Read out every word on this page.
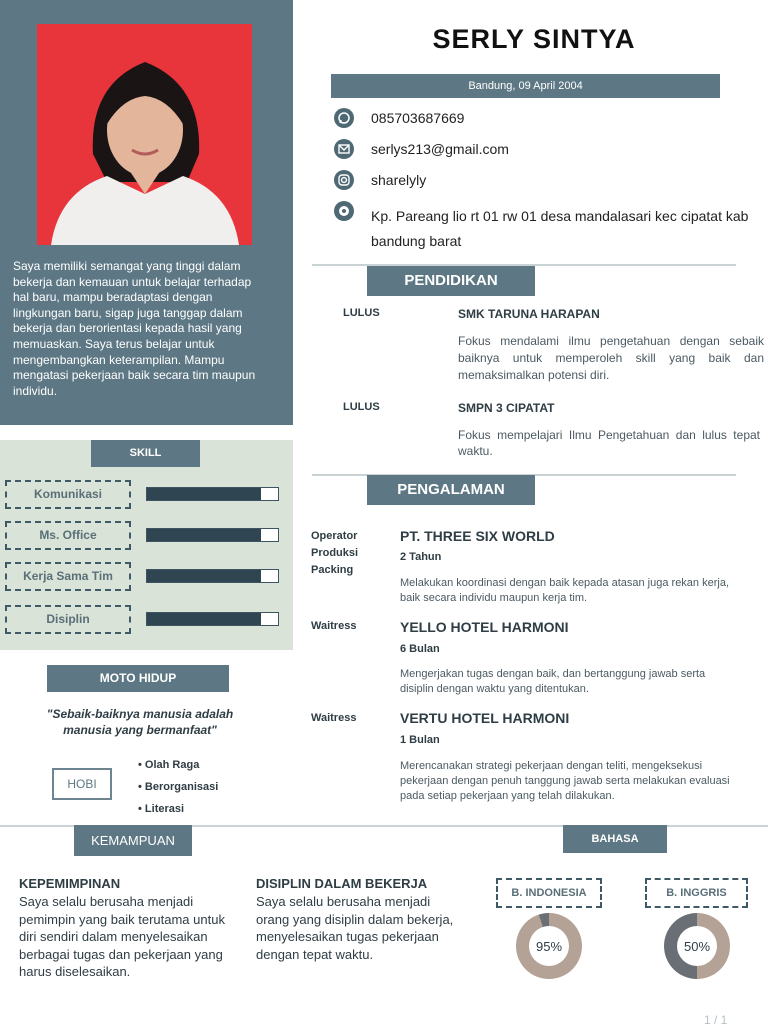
Saya memiliki semangat yang tinggi dalam bekerja dan kemauan untuk belajar terhadap hal baru, mampu beradaptasi dengan lingkungan baru, sigap juga tanggap dalam bekerja dan berorientasi kepada hasil yang memuaskan. Saya terus belajar untuk mengembangkan keterampilan. Mampu mengatasi pekerjaan baik secara tim maupun individu.
SKILL
Komunikasi
Ms. Office
Kerja Sama Tim
Disiplin
MOTO HIDUP
"Sebaik-baiknya manusia adalah manusia yang bermanfaat"
HOBI
• Olah Raga
• Berorganisasi
• Literasi
SERLY SINTYA
Bandung, 09 April 2004
085703687669
serlys213@gmail.com
sharelyly
Kp. Pareang lio rt 01 rw 01 desa mandalasari kec cipatat kab bandung barat
PENDIDIKAN
LULUS	SMK TARUNA HARAPAN
Fokus mendalami ilmu pengetahuan dengan sebaik baiknya untuk memperoleh skill yang baik dan memaksimalkan potensi diri.
LULUS	SMPN 3 CIPATAT
Fokus mempelajari Ilmu Pengetahuan dan lulus tepat waktu.
PENGALAMAN
Operator Produksi Packing
PT. THREE SIX WORLD
2 Tahun
Melakukan koordinasi dengan baik kepada atasan juga rekan kerja, baik secara individu maupun kerja tim.
Waitress	YELLO HOTEL HARMONI
6 Bulan
Mengerjakan tugas dengan baik, dan bertanggung jawab serta disiplin dengan waktu yang ditentukan.
Waitress	VERTU HOTEL HARMONI
1 Bulan
Merencanakan strategi pekerjaan dengan teliti, mengeksekusi pekerjaan dengan penuh tanggung jawab serta melakukan evaluasi pada setiap pekerjaan yang telah dilakukan.
KEMAMPUAN
KEPEMIMPINAN
Saya selalu berusaha menjadi pemimpin yang baik terutama untuk diri sendiri dalam menyelesaikan berbagai tugas dan pekerjaan yang harus diselesaikan.
DISIPLIN DALAM BEKERJA
Saya selalu berusaha menjadi orang yang disiplin dalam bekerja, menyelesaikan tugas pekerjaan dengan tepat waktu.
BAHASA
B. INDONESIA	B. INGGRIS
95%	50%
1 / 1
